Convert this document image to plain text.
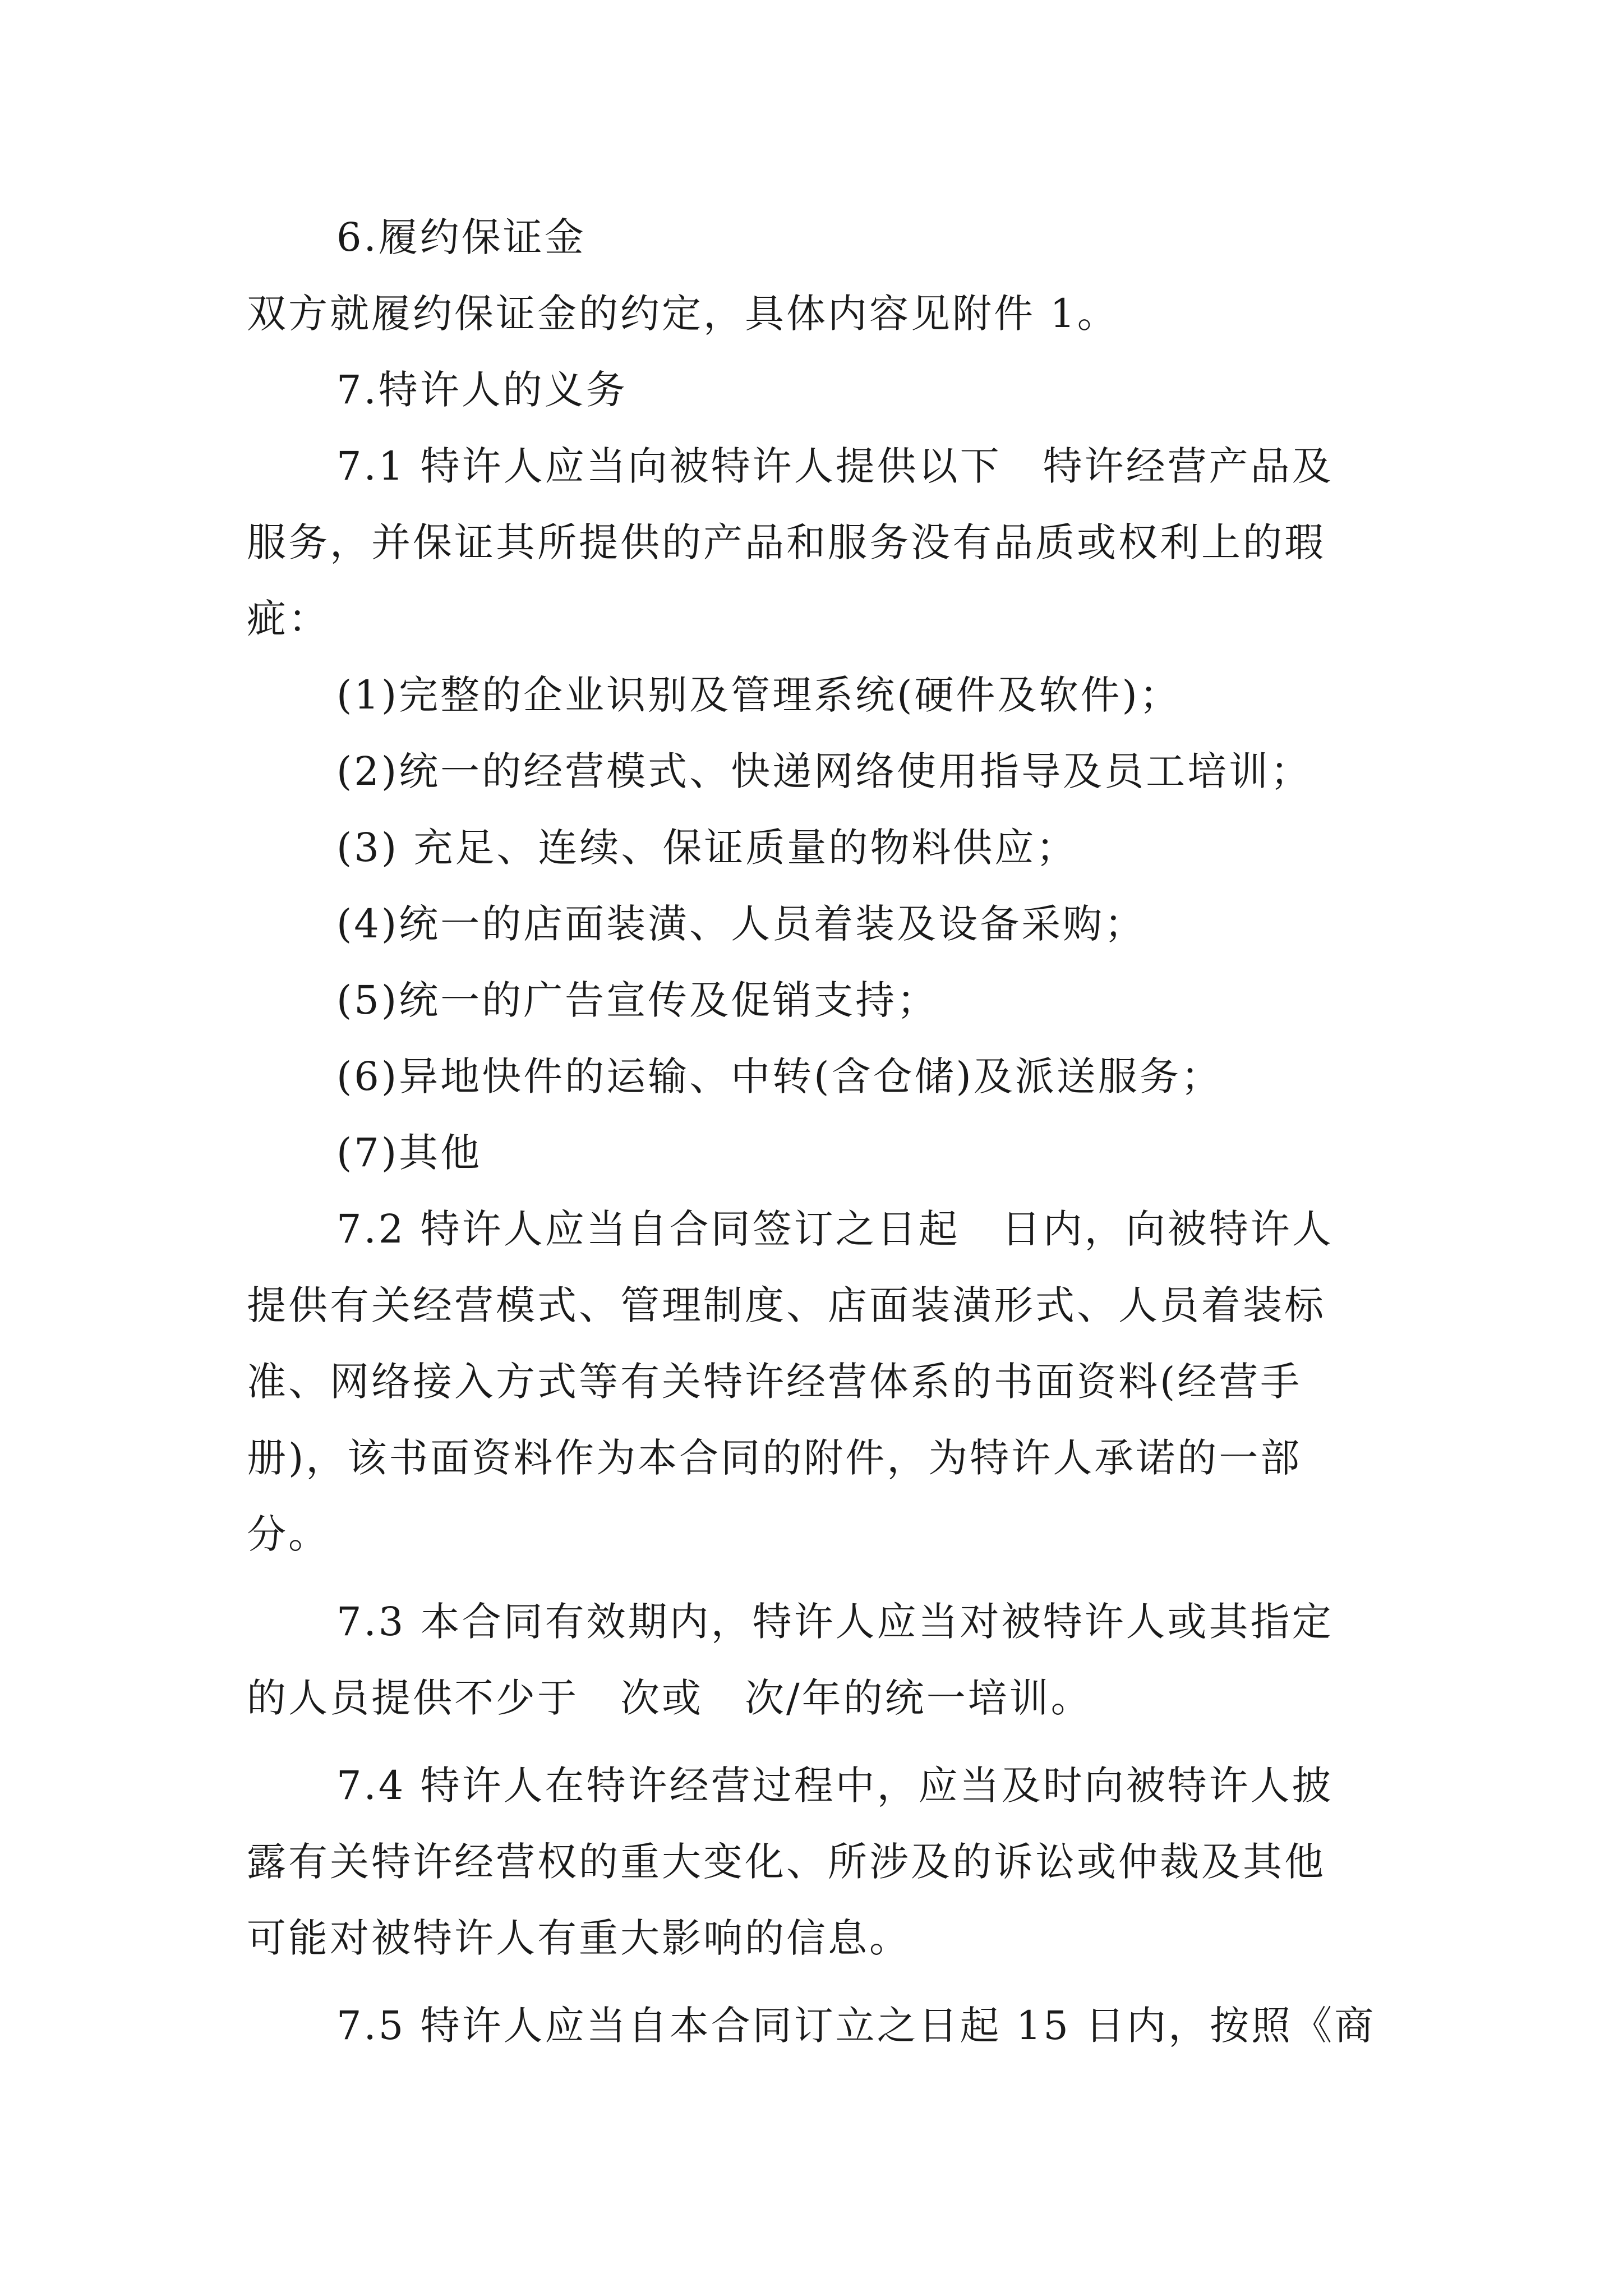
6.履约保证金
双方就履约保证金的约定，具体内容见附件 1。
7.特许人的义务
7.1 特许人应当向被特许人提供以下　特许经营产品及
服务，并保证其所提供的产品和服务没有品质或权利上的瑕
疵：
(1)完整的企业识别及管理系统(硬件及软件)；
(2)统一的经营模式、快递网络使用指导及员工培训；
(3) 充足、连续、保证质量的物料供应；
(4)统一的店面装潢、人员着装及设备采购；
(5)统一的广告宣传及促销支持；
(6)异地快件的运输、中转(含仓储)及派送服务；
(7)其他
7.2 特许人应当自合同签订之日起　日内，向被特许人
提供有关经营模式、管理制度、店面装潢形式、人员着装标
准、网络接入方式等有关特许经营体系的书面资料(经营手
册)，该书面资料作为本合同的附件，为特许人承诺的一部
分。
7.3 本合同有效期内，特许人应当对被特许人或其指定
的人员提供不少于　次或　次/年的统一培训。
7.4 特许人在特许经营过程中，应当及时向被特许人披
露有关特许经营权的重大变化、所涉及的诉讼或仲裁及其他
可能对被特许人有重大影响的信息。
7.5 特许人应当自本合同订立之日起 15 日内，按照《商
